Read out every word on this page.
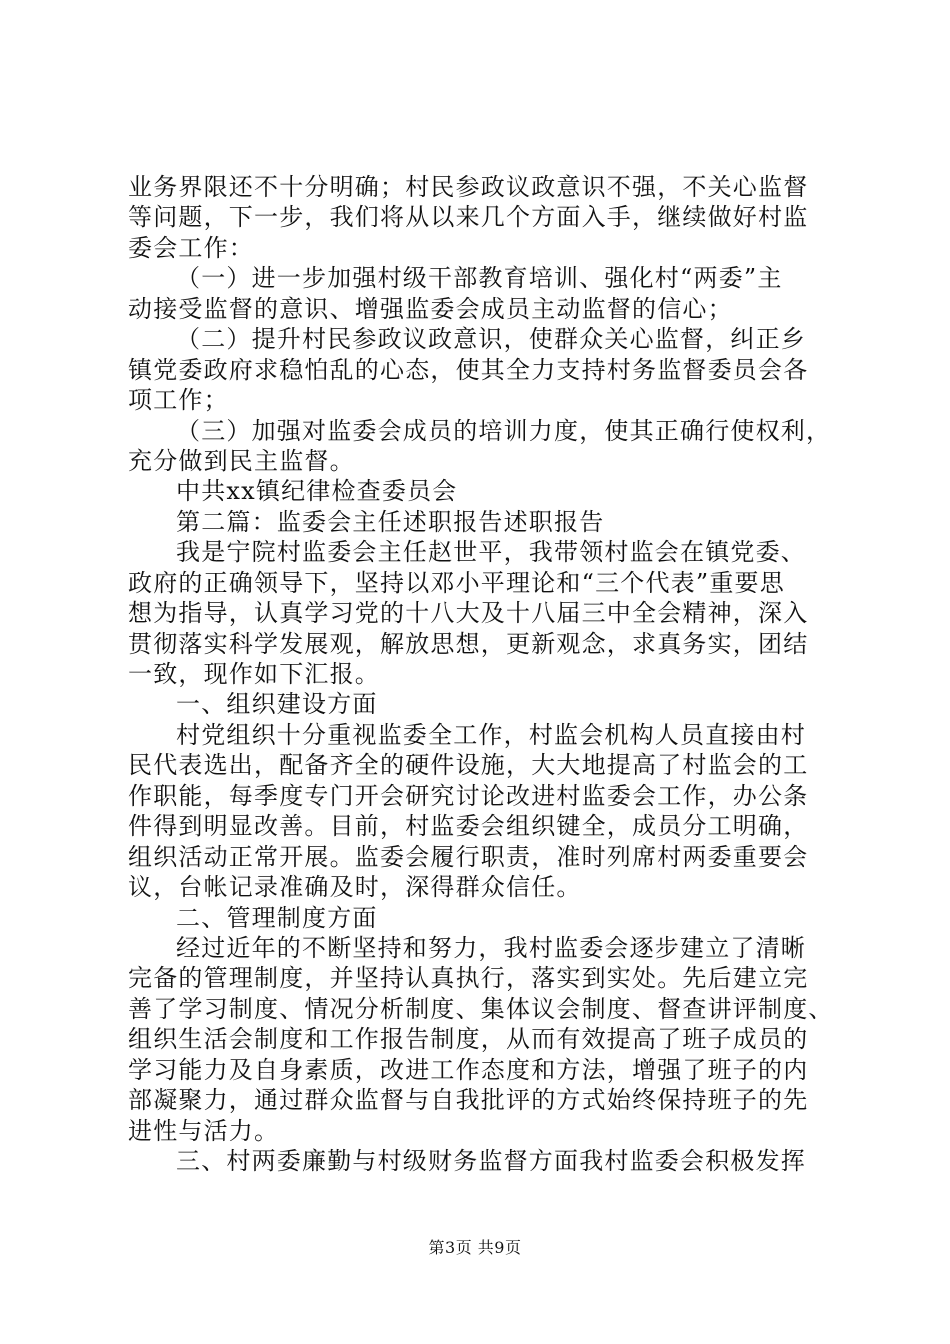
业务界限还不十分明确；村民参政议政意识不强，不关心监督
等问题，下一步，我们将从以来几个方面入手，继续做好村监
委会工作：
（一）进一步加强村级干部教育培训、强化村“两委”主
动接受监督的意识、增强监委会成员主动监督的信心；
（二）提升村民参政议政意识，使群众关心监督，纠正乡
镇党委政府求稳怕乱的心态，使其全力支持村务监督委员会各
项工作；
（三）加强对监委会成员的培训力度，使其正确行使权利，
充分做到民主监督。
中共xx镇纪律检查委员会
第二篇：监委会主任述职报告述职报告
我是宁院村监委会主任赵世平，我带领村监会在镇党委、
政府的正确领导下，坚持以邓小平理论和“三个代表”重要思
想为指导，认真学习党的十八大及十八届三中全会精神，深入
贯彻落实科学发展观，解放思想，更新观念，求真务实，团结
一致，现作如下汇报。
一、组织建设方面
村党组织十分重视监委全工作，村监会机构人员直接由村
民代表选出，配备齐全的硬件设施，大大地提高了村监会的工
作职能，每季度专门开会研究讨论改进村监委会工作，办公条
件得到明显改善。目前，村监委会组织键全，成员分工明确，
组织活动正常开展。监委会履行职责，准时列席村两委重要会
议，台帐记录准确及时，深得群众信任。
二、管理制度方面
经过近年的不断坚持和努力，我村监委会逐步建立了清晰
完备的管理制度，并坚持认真执行，落实到实处。先后建立完
善了学习制度、情况分析制度、集体议会制度、督查讲评制度、
组织生活会制度和工作报告制度，从而有效提高了班子成员的
学习能力及自身素质，改进工作态度和方法，增强了班子的内
部凝聚力，通过群众监督与自我批评的方式始终保持班子的先
进性与活力。
三、村两委廉勤与村级财务监督方面我村监委会积极发挥
第3页 共9页
